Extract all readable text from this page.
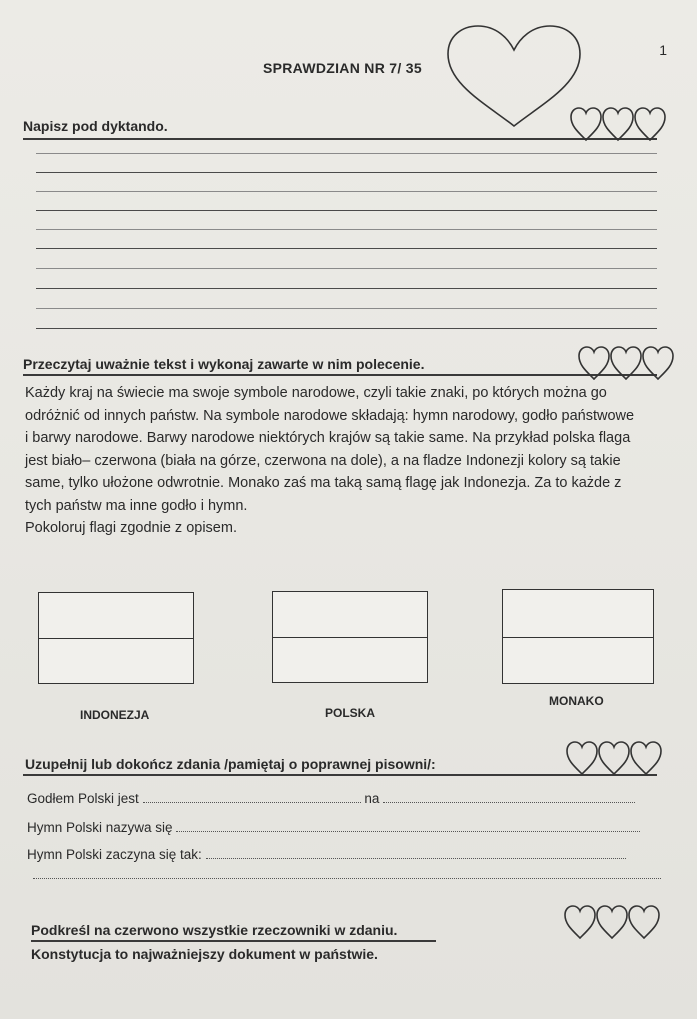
1
SPRAWDZIAN NR 7/ 35
Napisz pod dyktando.
Przeczytaj uważnie tekst i wykonaj zawarte w nim polecenie.
Każdy kraj na świecie ma swoje symbole narodowe, czyli takie znaki, po których można go
odróżnić od innych państw. Na symbole narodowe składają: hymn narodowy, godło państwowe
i barwy narodowe. Barwy narodowe niektórych krajów są takie same. Na przykład polska flaga
jest biało– czerwona (biała na górze, czerwona na dole), a na fladze Indonezji kolory są takie
same, tylko ułożone odwrotnie. Monako zaś ma taką samą flagę jak Indonezja. Za to każde z
tych państw ma inne godło i hymn.
Pokoloruj flagi zgodnie z opisem.
INDONEZJA	POLSKA
MONAKO
Uzupełnij lub dokończ zdania /pamiętaj o poprawnej pisowni/:
Godłem Polski jest	na
Hymn Polski nazywa się
Hymn Polski zaczyna się tak:
Podkreśl na czerwono wszystkie rzeczowniki w zdaniu.
Konstytucja to najważniejszy dokument w państwie.
